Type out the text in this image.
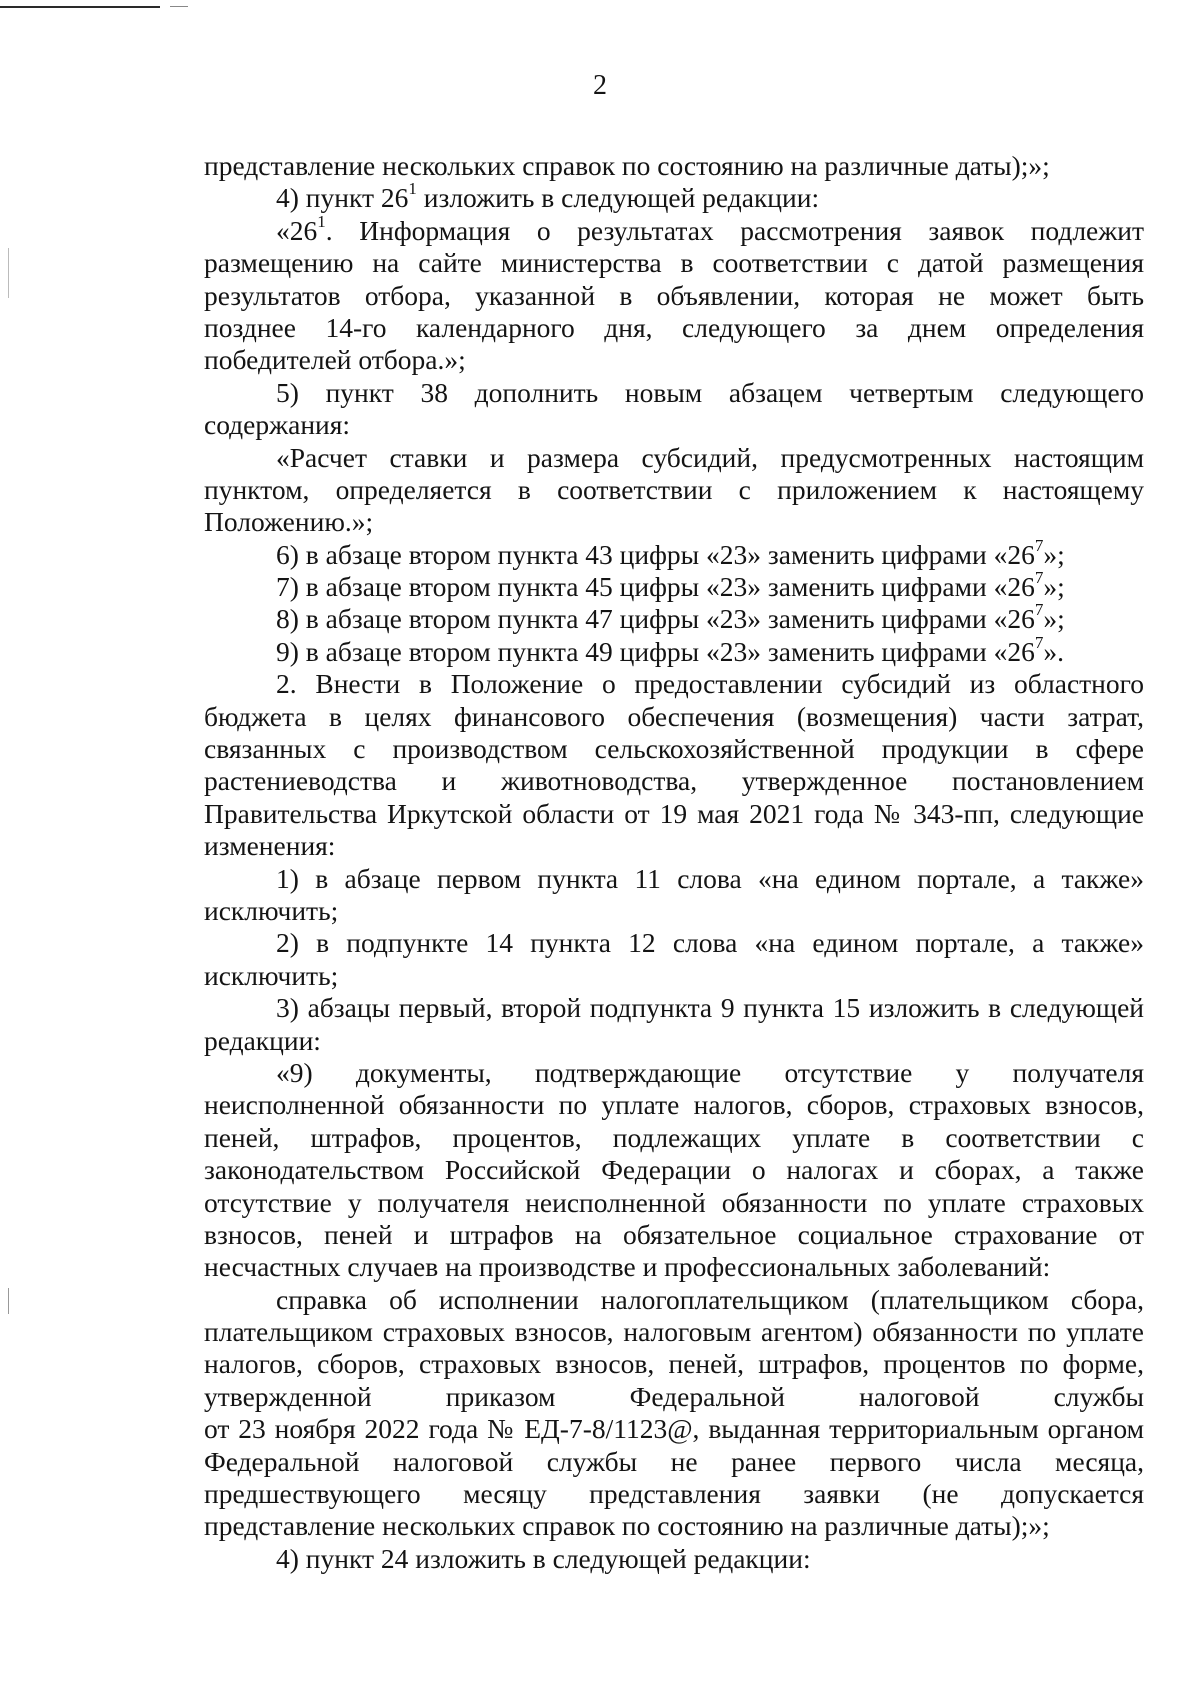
2
представление нескольких справок по состоянию на различные даты);»;
4) пункт $26^1$ изложить в следующей редакции:
«$26^1$. Информация о результатах рассмотрения заявок подлежит
размещению на сайте министерства в соответствии с датой размещения
результатов отбора, указанной в объявлении, которая не может быть
позднее 14-го календарного дня, следующего за днем определения
победителей отбора.»;
5) пункт 38 дополнить новым абзацем четвертым следующего
содержания:
«Расчет ставки и размера субсидий, предусмотренных настоящим
пунктом, определяется в соответствии с приложением к настоящему
Положению.»;
6) в абзаце втором пункта 43 цифры «23» заменить цифрами «$26^7$»;
7) в абзаце втором пункта 45 цифры «23» заменить цифрами «$26^7$»;
8) в абзаце втором пункта 47 цифры «23» заменить цифрами «$26^7$»;
9) в абзаце втором пункта 49 цифры «23» заменить цифрами «$26^7$».
2. Внести в Положение о предоставлении субсидий из областного
бюджета в целях финансового обеспечения (возмещения) части затрат,
связанных с производством сельскохозяйственной продукции в сфере
растениеводства и животноводства, утвержденное постановлением
Правительства Иркутской области от 19 мая 2021 года № 343-пп, следующие
изменения:
1) в абзаце первом пункта 11 слова «на едином портале, а также»
исключить;
2) в подпункте 14 пункта 12 слова «на едином портале, а также»
исключить;
3) абзацы первый, второй подпункта 9 пункта 15 изложить в следующей
редакции:
«9) документы, подтверждающие отсутствие у получателя
неисполненной обязанности по уплате налогов, сборов, страховых взносов,
пеней, штрафов, процентов, подлежащих уплате в соответствии с
законодательством Российской Федерации о налогах и сборах, а также
отсутствие у получателя неисполненной обязанности по уплате страховых
взносов, пеней и штрафов на обязательное социальное страхование от
несчастных случаев на производстве и профессиональных заболеваний:
справка об исполнении налогоплательщиком (плательщиком сбора,
плательщиком страховых взносов, налоговым агентом) обязанности по уплате
налогов, сборов, страховых взносов, пеней, штрафов, процентов по форме,
утвержденной приказом Федеральной налоговой службы
от 23 ноября 2022 года № ЕД-7-8/1123@, выданная территориальным органом
Федеральной налоговой службы не ранее первого числа месяца,
предшествующего месяцу представления заявки (не допускается
представление нескольких справок по состоянию на различные даты);»;
4) пункт 24 изложить в следующей редакции:
